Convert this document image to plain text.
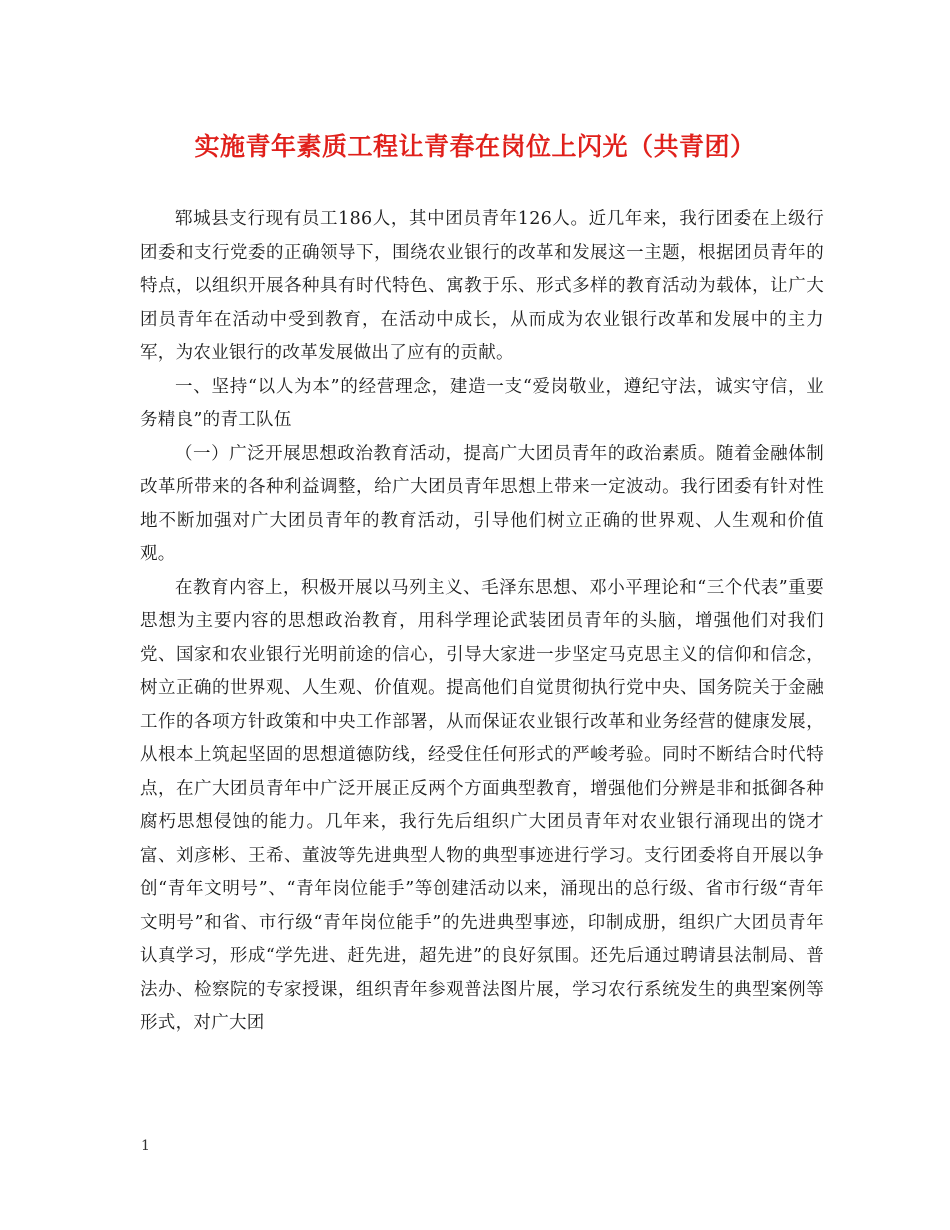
实施青年素质工程让青春在岗位上闪光（共青团）

郓城县支行现有员工186人，其中团员青年126人。近几年来，我行团委在上级行团委和支行党委的正确领导下，围绕农业银行的改革和发展这一主题，根据团员青年的特点，以组织开展各种具有时代特色、寓教于乐、形式多样的教育活动为载体，让广大团员青年在活动中受到教育，在活动中成长，从而成为农业银行改革和发展中的主力军，为农业银行的改革发展做出了应有的贡献。

一、坚持“以人为本”的经营理念，建造一支“爱岗敬业，遵纪守法，诚实守信，业务精良”的青工队伍

（一）广泛开展思想政治教育活动，提高广大团员青年的政治素质。随着金融体制改革所带来的各种利益调整，给广大团员青年思想上带来一定波动。我行团委有针对性地不断加强对广大团员青年的教育活动，引导他们树立正确的世界观、人生观和价值观。

在教育内容上，积极开展以马列主义、毛泽东思想、邓小平理论和“三个代表”重要思想为主要内容的思想政治教育，用科学理论武装团员青年的头脑，增强他们对我们党、国家和农业银行光明前途的信心，引导大家进一步坚定马克思主义的信仰和信念，树立正确的世界观、人生观、价值观。提高他们自觉贯彻执行党中央、国务院关于金融工作的各项方针政策和中央工作部署，从而保证农业银行改革和业务经营的健康发展，从根本上筑起坚固的思想道德防线，经受住任何形式的严峻考验。同时不断结合时代特点，在广大团员青年中广泛开展正反两个方面典型教育，增强他们分辨是非和抵御各种腐朽思想侵蚀的能力。几年来，我行先后组织广大团员青年对农业银行涌现出的饶才富、刘彦彬、王希、董波等先进典型人物的典型事迹进行学习。支行团委将自开展以争创“青年文明号”、“青年岗位能手”等创建活动以来，涌现出的总行级、省市行级“青年文明号”和省、市行级“青年岗位能手”的先进典型事迹，印制成册，组织广大团员青年认真学习，形成“学先进、赶先进，超先进”的良好氛围。还先后通过聘请县法制局、普法办、检察院的专家授课，组织青年参观普法图片展，学习农行系统发生的典型案例等形式，对广大团

1
